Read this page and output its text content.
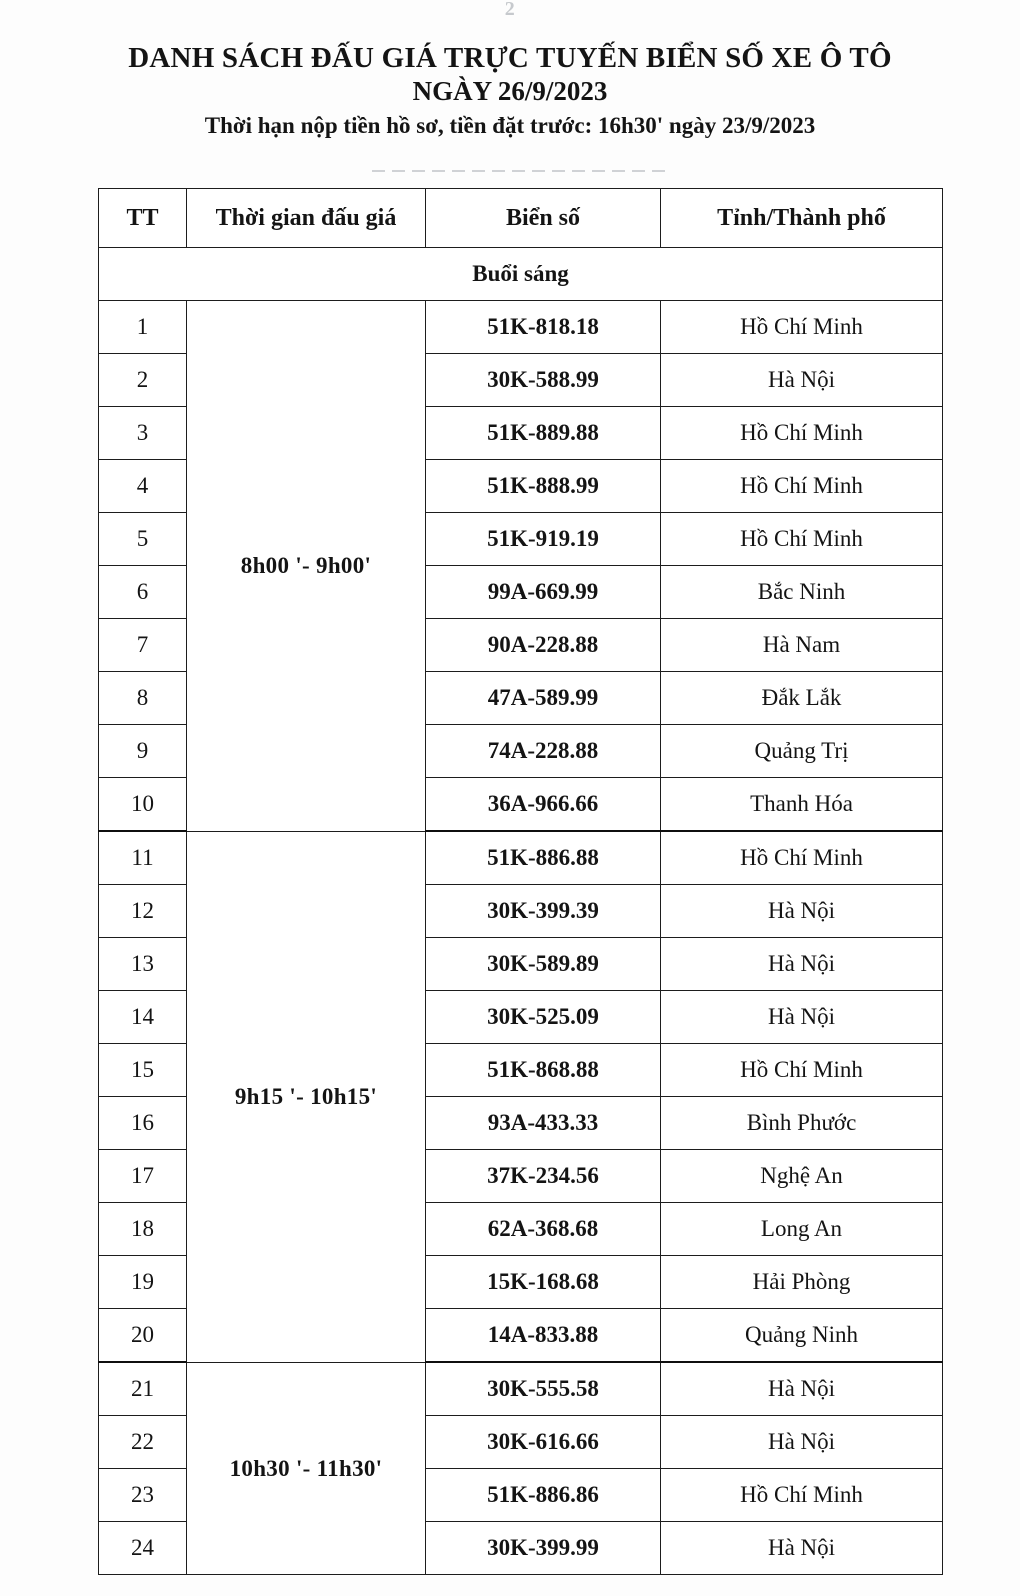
2
DANH SÁCH ĐẤU GIÁ TRỰC TUYẾN BIỂN SỐ XE Ô TÔ
NGÀY 26/9/2023
Thời hạn nộp tiền hồ sơ, tiền đặt trước: 16h30' ngày 23/9/2023
TT	Thời gian đấu giá	Biển số	Tỉnh/Thành phố
Buổi sáng			
1	8h00 '- 9h00'	51K-818.18	Hồ Chí Minh
2		30K-588.99	Hà Nội
3		51K-889.88	Hồ Chí Minh
4		51K-888.99	Hồ Chí Minh
5		51K-919.19	Hồ Chí Minh
6		99A-669.99	Bắc Ninh
7		90A-228.88	Hà Nam
8		47A-589.99	Đắk Lắk
9		74A-228.88	Quảng Trị
10		36A-966.66	Thanh Hóa
11	9h15 '- 10h15'	51K-886.88	Hồ Chí Minh
12		30K-399.39	Hà Nội
13		30K-589.89	Hà Nội
14		30K-525.09	Hà Nội
15		51K-868.88	Hồ Chí Minh
16		93A-433.33	Bình Phước
17		37K-234.56	Nghệ An
18		62A-368.68	Long An
19		15K-168.68	Hải Phòng
20		14A-833.88	Quảng Ninh
21	10h30 '- 11h30'	30K-555.58	Hà Nội
22		30K-616.66	Hà Nội
23		51K-886.86	Hồ Chí Minh
24		30K-399.99	Hà Nội
